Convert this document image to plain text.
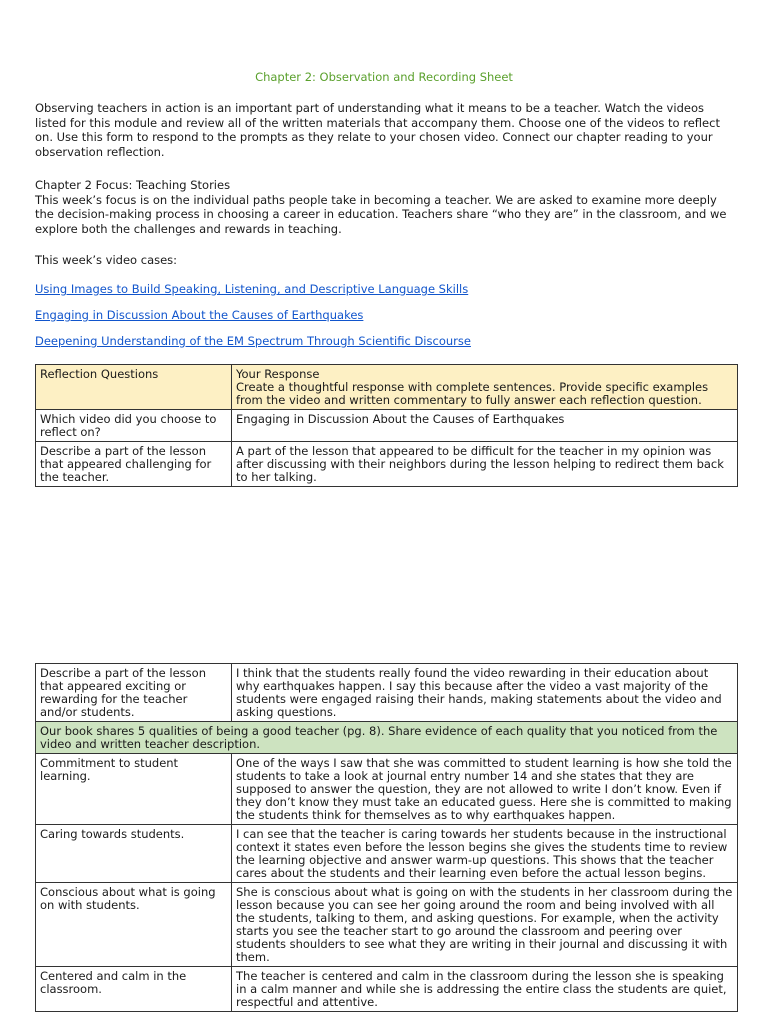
Chapter 2: Observation and Recording Sheet

Observing teachers in action is an important part of understanding what it means to be a teacher. Watch the videos listed for this module and review all of the written materials that accompany them. Choose one of the videos to reflect on. Use this form to respond to the prompts as they relate to your chosen video. Connect our chapter reading to your observation reflection.

Chapter 2 Focus: Teaching Stories
This week’s focus is on the individual paths people take in becoming a teacher. We are asked to examine more deeply the decision-making process in choosing a career in education. Teachers share “who they are” in the classroom, and we explore both the challenges and rewards in teaching.

This week’s video cases:

Using Images to Build Speaking, Listening, and Descriptive Language Skills
Engaging in Discussion About the Causes of Earthquakes
Deepening Understanding of the EM Spectrum Through Scientific Discourse
Reflection Questions	Your Response
Create a thoughtful response with complete sentences. Provide specific examples from the video and written commentary to fully answer each reflection question.

Which video did you choose to reflect on?	Engaging in Discussion About the Causes of Earthquakes
Describe a part of the lesson that appeared challenging for the teacher.	A part of the lesson that appeared to be difficult for the teacher in my opinion was after discussing with their neighbors during the lesson helping to redirect them back to her talking.
Describe a part of the lesson that appeared exciting or rewarding for the teacher and/or students.	I think that the students really found the video rewarding in their education about why earthquakes happen. I say this because after the video a vast majority of the students were engaged raising their hands, making statements about the video and asking questions.
Our book shares 5 qualities of being a good teacher (pg. 8). Share evidence of each quality that you noticed from the video and written teacher description.	
Commitment to student learning.	One of the ways I saw that she was committed to student learning is how she told the students to take a look at journal entry number 14 and she states that they are supposed to answer the question, they are not allowed to write I don’t know. Even if they don’t know they must take an educated guess. Here she is committed to making the students think for themselves as to why earthquakes happen.
Caring towards students.	I can see that the teacher is caring towards her students because in the instructional context it states even before the lesson begins she gives the students time to review the learning objective and answer warm-up questions. This shows that the teacher cares about the students and their learning even before the actual lesson begins.
Conscious about what is going on with students.	She is conscious about what is going on with the students in her classroom during the lesson because you can see her going around the room and being involved with all the students, talking to them, and asking questions. For example, when the activity starts you see the teacher start to go around the classroom and peering over students shoulders to see what they are writing in their journal and discussing it with them.
Centered and calm in the classroom.	The teacher is centered and calm in the classroom during the lesson she is speaking in a calm manner and while she is addressing the entire class the students are quiet, respectful and attentive.
